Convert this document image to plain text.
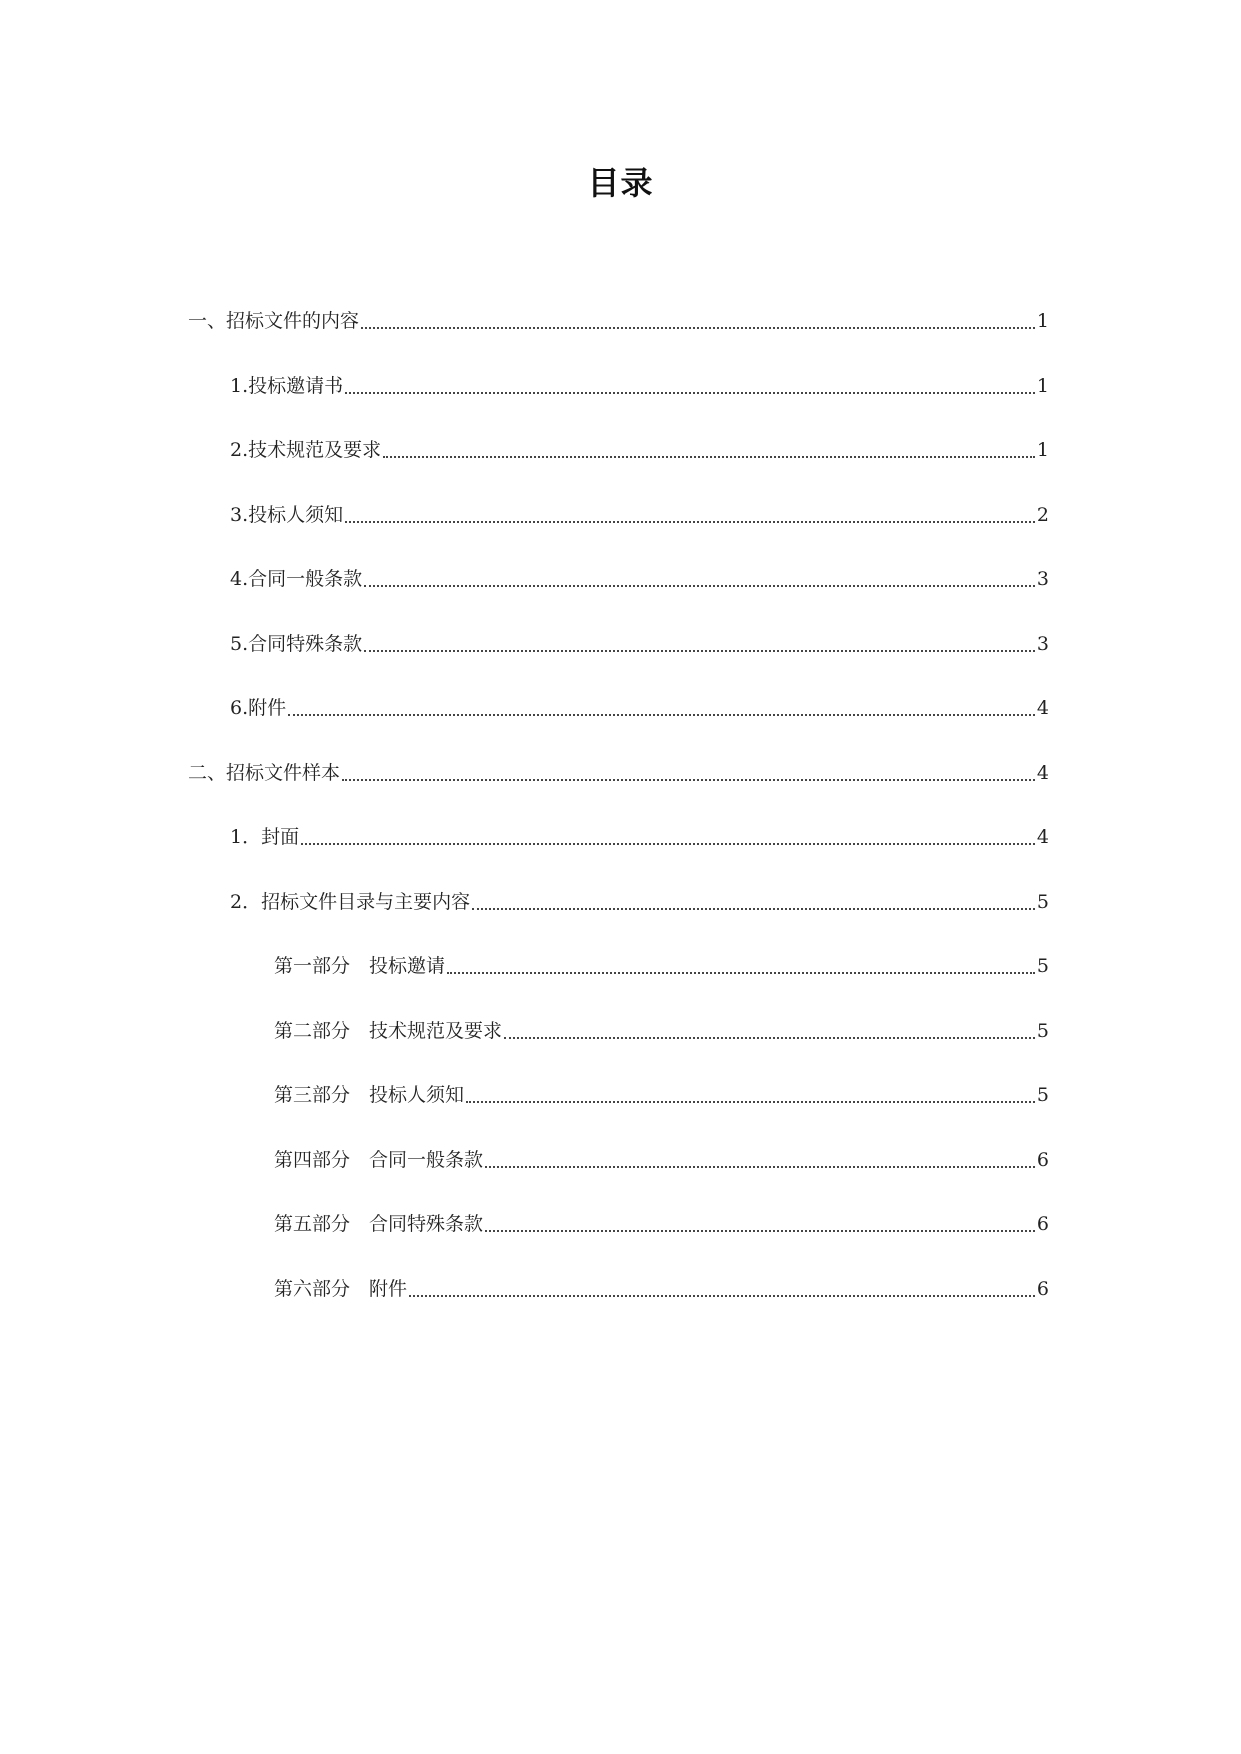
目录
一、招标文件的内容	1
1.投标邀请书	1
2.技术规范及要求	1
3.投标人须知	2
4.合同一般条款	3
5.合同特殊条款	3
6.附件	4
二、招标文件样本	4
1．封面	4
2．招标文件目录与主要内容	5
第一部分　投标邀请	5
第二部分　技术规范及要求	5
第三部分　投标人须知	5
第四部分　合同一般条款	6
第五部分　合同特殊条款	6
第六部分　附件	6
